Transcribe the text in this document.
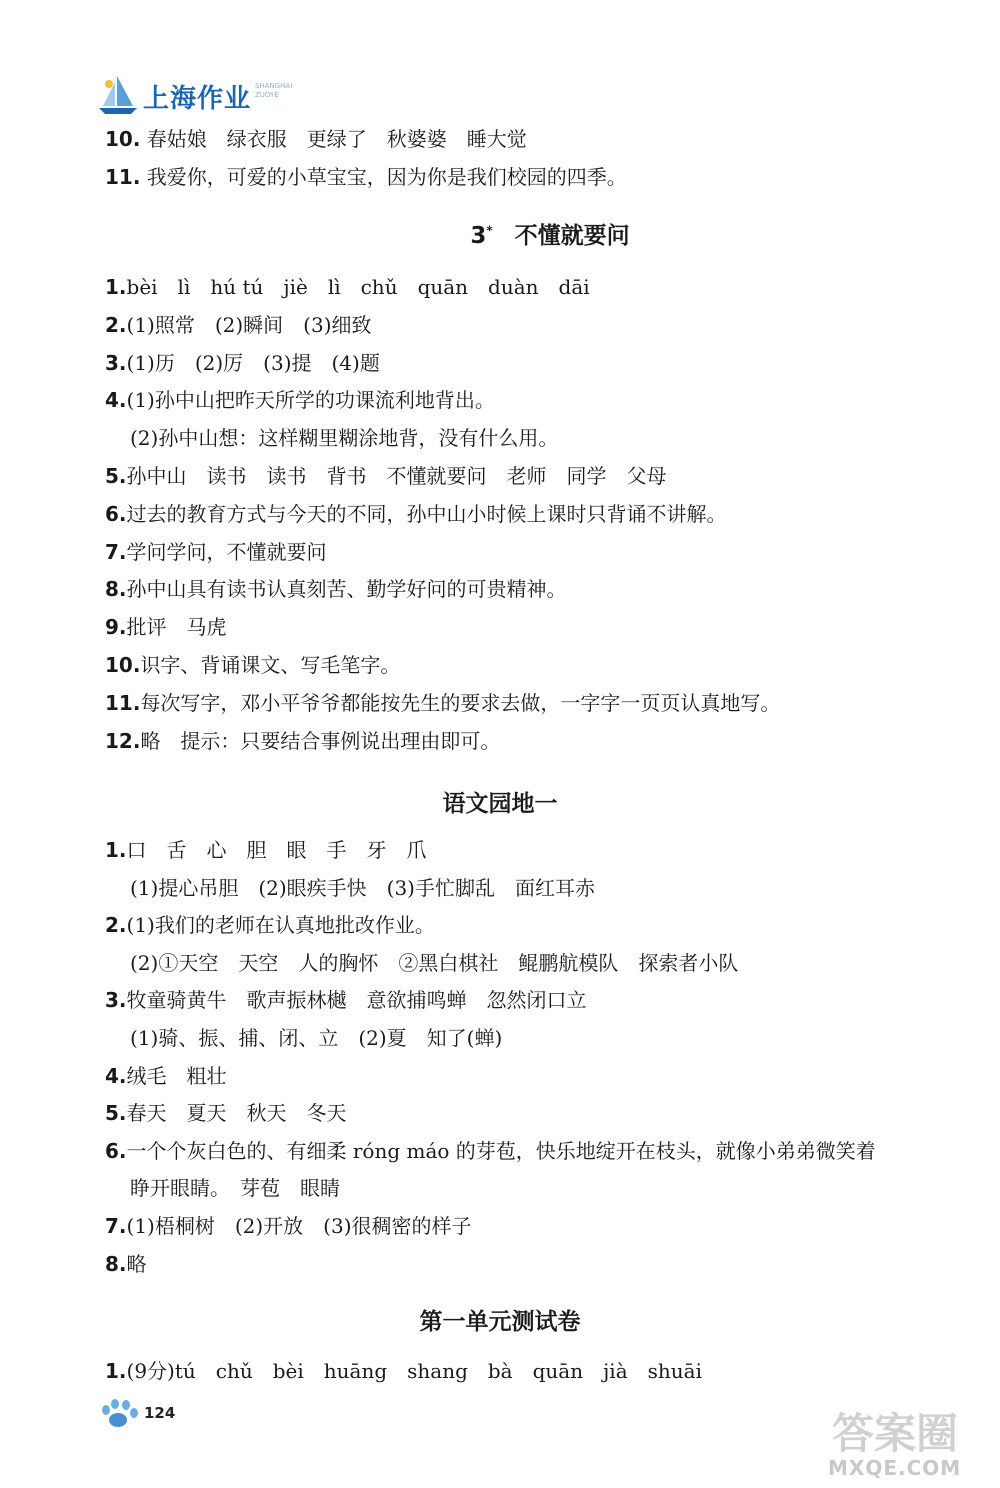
上海作业 SHANGHAI ZUOYE
10. 春姑娘　绿衣服　更绿了　秋婆婆　睡大觉
11. 我爱你，可爱的小草宝宝，因为你是我们校园的四季。
3* 不懂就要问
1.bèi　lì　hú tú　jiè　lì　chǔ　quān　duàn　dāi
2.(1)照常　(2)瞬间　(3)细致
3.(1)历　(2)厉　(3)提　(4)题
4.(1)孙中山把昨天所学的功课流利地背出。
(2)孙中山想：这样糊里糊涂地背，没有什么用。
5.孙中山　读书　读书　背书　不懂就要问　老师　同学　父母
6.过去的教育方式与今天的不同，孙中山小时候上课时只背诵不讲解。
7.学问学问，不懂就要问
8.孙中山具有读书认真刻苦、勤学好问的可贵精神。
9.批评　马虎
10.识字、背诵课文、写毛笔字。
11.每次写字，邓小平爷爷都能按先生的要求去做，一字字一页页认真地写。
12.略　提示：只要结合事例说出理由即可。
语文园地一
1.口　舌　心　胆　眼　手　牙　爪
(1)提心吊胆　(2)眼疾手快　(3)手忙脚乱　面红耳赤
2.(1)我们的老师在认真地批改作业。
(2)①天空　天空　人的胸怀　②黑白棋社　鲲鹏航模队　探索者小队
3.牧童骑黄牛　歌声振林樾　意欲捕鸣蝉　忽然闭口立
(1)骑、振、捕、闭、立　(2)夏　知了(蝉)
4.绒毛　粗壮
5.春天　夏天　秋天　冬天
6.一个个灰白色的、有细柔 róng máo 的芽苞，快乐地绽开在枝头，就像小弟弟微笑着
睁开眼睛。　芽苞　眼睛
7.(1)梧桐树　(2)开放　(3)很稠密的样子
8.略
第一单元测试卷
1.(9分)tú　chǔ　bèi　huāng　shang　bà　quān　jià　shuāi
124	答案圈
MXQE.COM
